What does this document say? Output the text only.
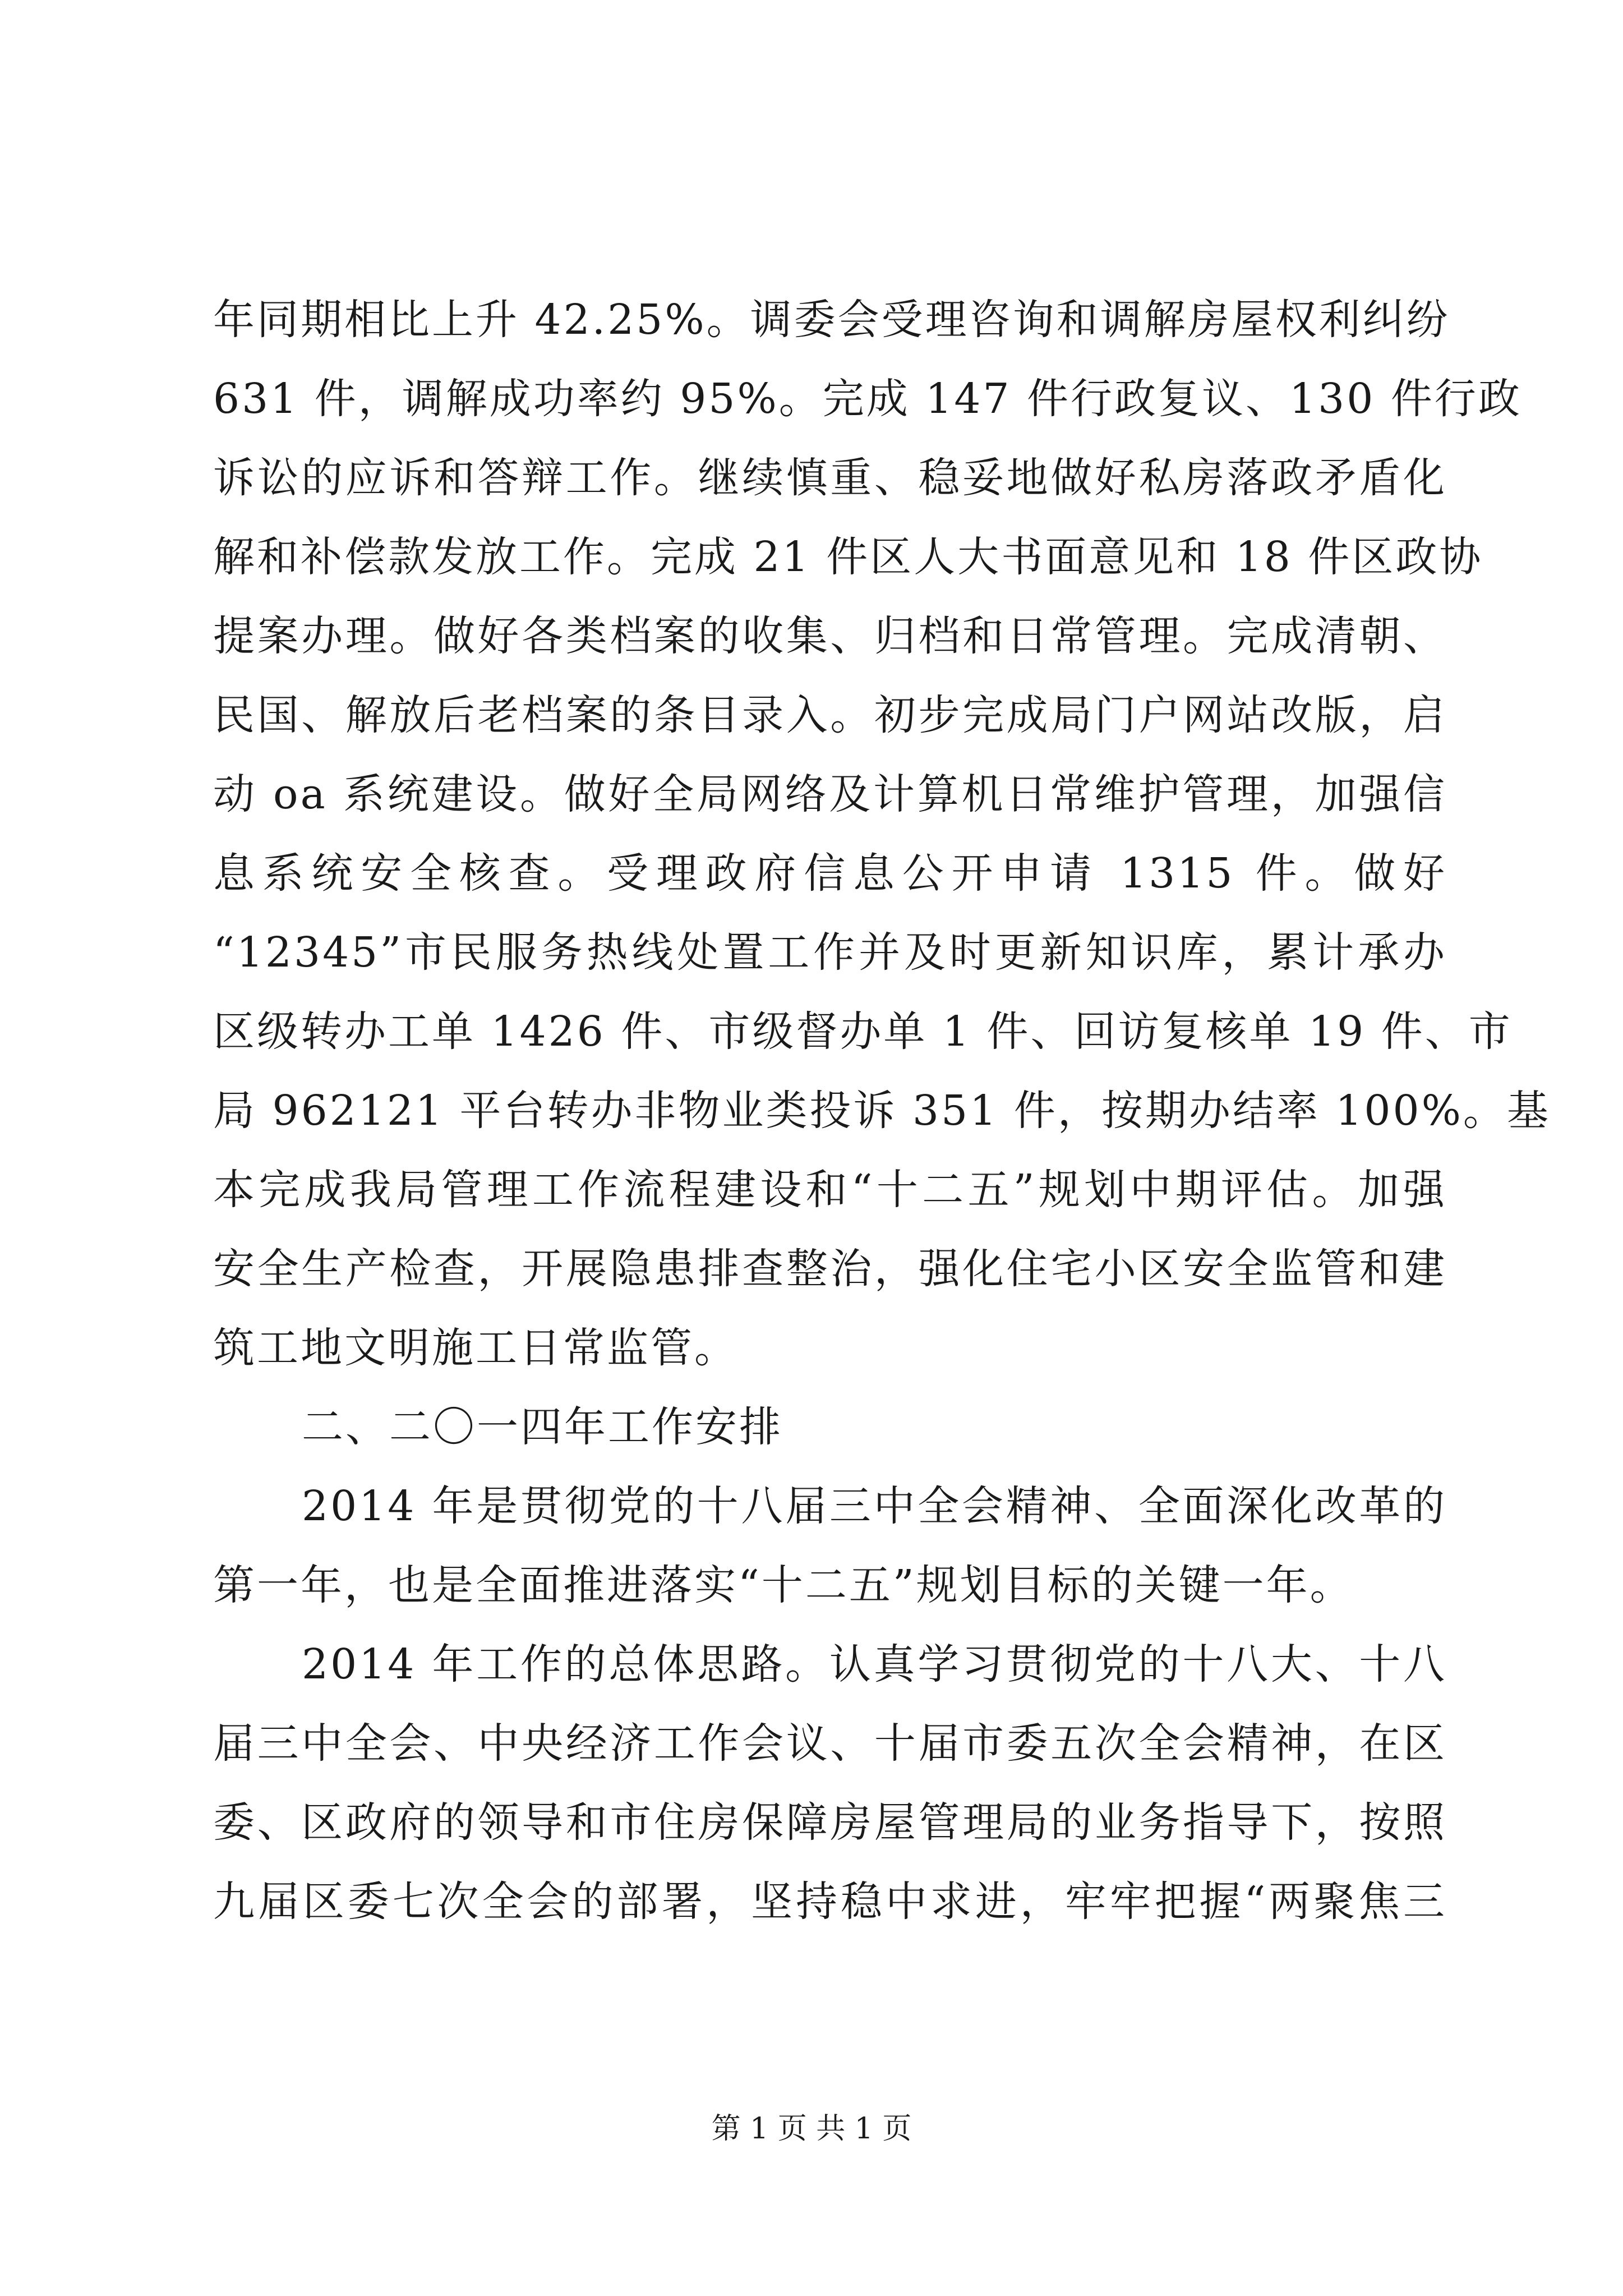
年同期相比上升 42.25%。调委会受理咨询和调解房屋权利纠纷
631 件，调解成功率约 95%。完成 147 件行政复议、130 件行政
诉讼的应诉和答辩工作。继续慎重、稳妥地做好私房落政矛盾化
解和补偿款发放工作。完成 21 件区人大书面意见和 18 件区政协
提案办理。做好各类档案的收集、归档和日常管理。完成清朝、
民国、解放后老档案的条目录入。初步完成局门户网站改版，启
动 oa 系统建设。做好全局网络及计算机日常维护管理，加强信
息系统安全核查。受理政府信息公开申请 1315 件。做好
“12345”市民服务热线处置工作并及时更新知识库，累计承办
区级转办工单 1426 件、市级督办单 1 件、回访复核单 19 件、市
局 962121 平台转办非物业类投诉 351 件，按期办结率 100%。基
本完成我局管理工作流程建设和“十二五”规划中期评估。加强
安全生产检查，开展隐患排查整治，强化住宅小区安全监管和建
筑工地文明施工日常监管。
二、二〇一四年工作安排
2014 年是贯彻党的十八届三中全会精神、全面深化改革的
第一年，也是全面推进落实“十二五”规划目标的关键一年。
2014 年工作的总体思路。认真学习贯彻党的十八大、十八
届三中全会、中央经济工作会议、十届市委五次全会精神，在区
委、区政府的领导和市住房保障房屋管理局的业务指导下，按照
九届区委七次全会的部署，坚持稳中求进，牢牢把握“两聚焦三
第 1 页 共 1 页
